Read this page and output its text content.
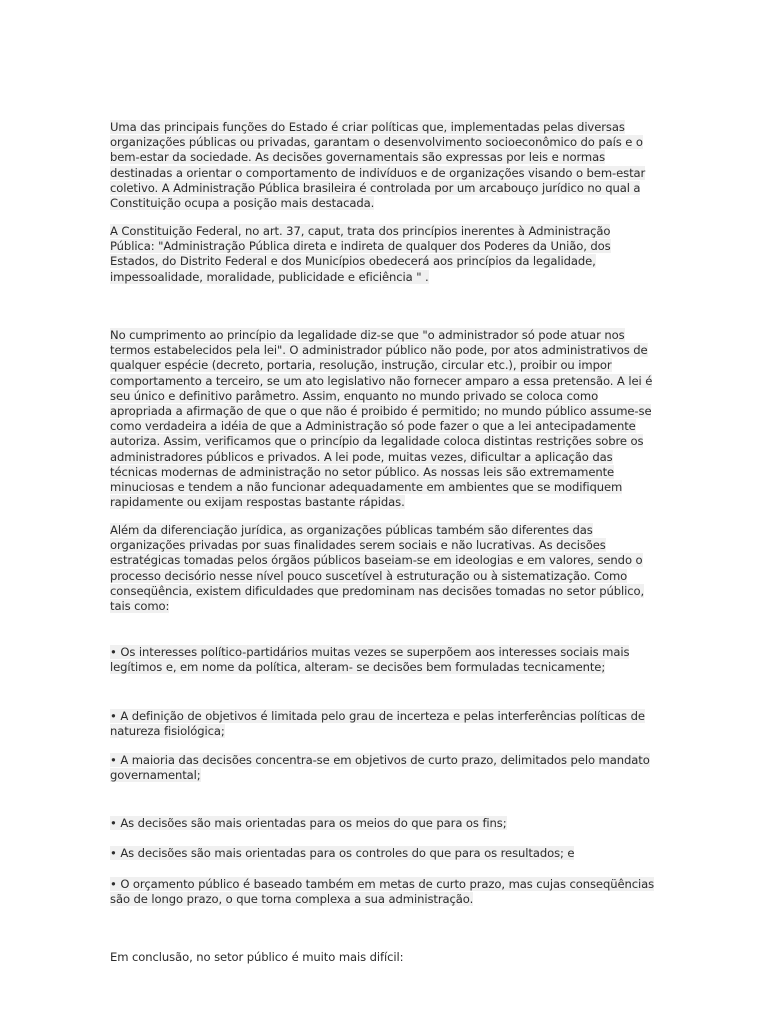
Uma das principais funções do Estado é criar políticas que, implementadas pelas diversas organizações públicas ou privadas, garantam o desenvolvimento socioeconômico do país e o bem-estar da sociedade. As decisões governamentais são expressas por leis e normas destinadas a orientar o comportamento de indivíduos e de organizações visando o bem-estar coletivo. A Administração Pública brasileira é controlada por um arcabouço jurídico no qual a Constituição ocupa a posição mais destacada.

A Constituição Federal, no art. 37, caput, trata dos princípios inerentes à Administração Pública: "Administração Pública direta e indireta de qualquer dos Poderes da União, dos Estados, do Distrito Federal e dos Municípios obedecerá aos princípios da legalidade, impessoalidade, moralidade, publicidade e eficiência " .

No cumprimento ao princípio da legalidade diz-se que "o administrador só pode atuar nos termos estabelecidos pela lei". O administrador público não pode, por atos administrativos de qualquer espécie (decreto, portaria, resolução, instrução, circular etc.), proibir ou impor comportamento a terceiro, se um ato legislativo não fornecer amparo a essa pretensão. A lei é seu único e definitivo parâmetro. Assim, enquanto no mundo privado se coloca como apropriada a afirmação de que o que não é proibido é permitido; no mundo público assume-se como verdadeira a idéia de que a Administração só pode fazer o que a lei antecipadamente autoriza. Assim, verificamos que o princípio da legalidade coloca distintas restrições sobre os administradores públicos e privados. A lei pode, muitas vezes, dificultar a aplicação das técnicas modernas de administração no setor público. As nossas leis são extremamente minuciosas e tendem a não funcionar adequadamente em ambientes que se modifiquem rapidamente ou exijam respostas bastante rápidas.

Além da diferenciação jurídica, as organizações públicas também são diferentes das organizações privadas por suas finalidades serem sociais e não lucrativas. As decisões estratégicas tomadas pelos órgãos públicos baseiam-se em ideologias e em valores, sendo o processo decisório nesse nível pouco suscetível à estruturação ou à sistematização. Como conseqüência, existem dificuldades que predominam nas decisões tomadas no setor público, tais como:

• Os interesses político-partidários muitas vezes se superpõem aos interesses sociais mais legítimos e, em nome da política, alteram- se decisões bem formuladas tecnicamente;

• A definição de objetivos é limitada pelo grau de incerteza e pelas interferências políticas de natureza fisiológica;

• A maioria das decisões concentra-se em objetivos de curto prazo, delimitados pelo mandato governamental;

• As decisões são mais orientadas para os meios do que para os fins;

• As decisões são mais orientadas para os controles do que para os resultados; e

• O orçamento público é baseado também em metas de curto prazo, mas cujas conseqüências são de longo prazo, o que torna complexa a sua administração.

Em conclusão, no setor público é muito mais difícil:
